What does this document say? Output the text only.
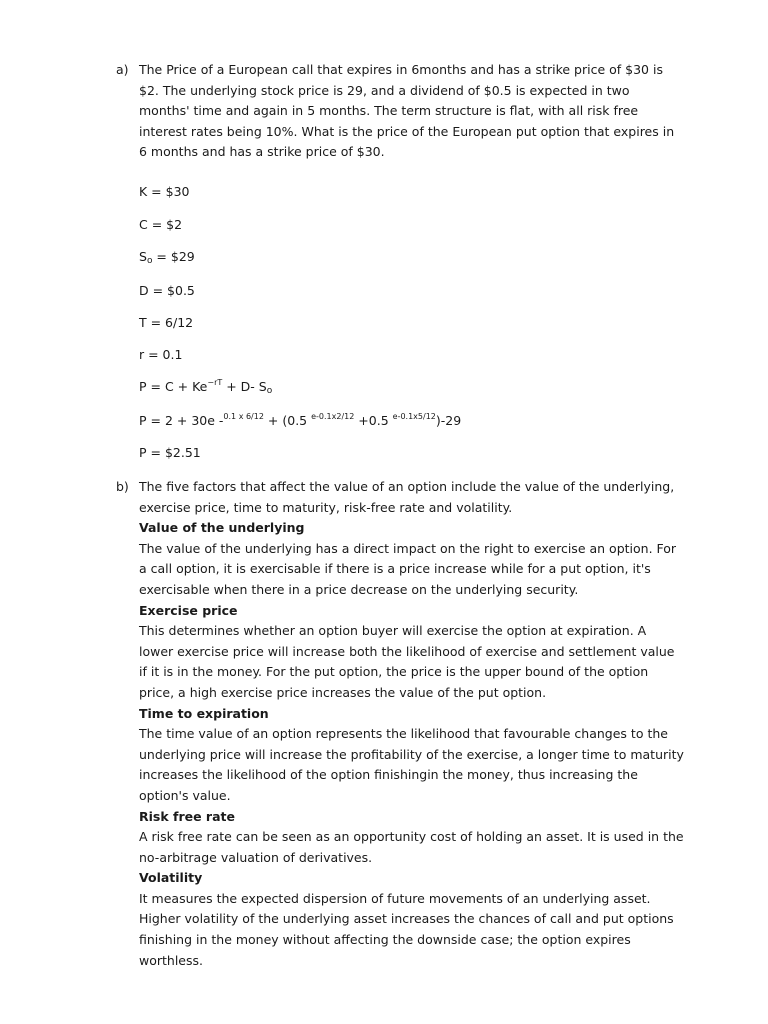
a) The Price of a European call that expires in 6months and has a strike price of $30 is $2. The underlying stock price is 29, and a dividend of $0.5 is expected in two months' time and again in 5 months. The term structure is flat, with all risk free interest rates being 10%. What is the price of the European put option that expires in 6 months and has a strike price of $30.

K = $30
C = $2
$S_o$ = $29
D = $0.5
T = 6/12
r = 0.1
$P = C + Ke^{-rT} + D-$ $S_o$
P = 2 + 30e -$^{0.1 x 6/12}$ + (0.5 $^{e-0.1x2/12}$ +0.5 $^{e-0.1x5/12}$)-29
P = $2.51
b) The five factors that affect the value of an option include the value of the underlying, exercise price, time to maturity, risk-free rate and volatility.

Value of the underlying

The value of the underlying has a direct impact on the right to exercise an option. For a call option, it is exercisable if there is a price increase while for a put option, it's exercisable when there in a price decrease on the underlying security.

Exercise price

This determines whether an option buyer will exercise the option at expiration. A lower exercise price will increase both the likelihood of exercise and settlement value if it is in the money. For the put option, the price is the upper bound of the option price, a high exercise price increases the value of the put option.

Time to expiration

The time value of an option represents the likelihood that favourable changes to the underlying price will increase the profitability of the exercise, a longer time to maturity increases the likelihood of the option finishingin the money, thus increasing the option's value.

Risk free rate

A risk free rate can be seen as an opportunity cost of holding an asset. It is used in the no-arbitrage valuation of derivatives.

Volatility

It measures the expected dispersion of future movements of an underlying asset. Higher volatility of the underlying asset increases the chances of call and put options finishing in the money without affecting the downside case; the option expires worthless.
